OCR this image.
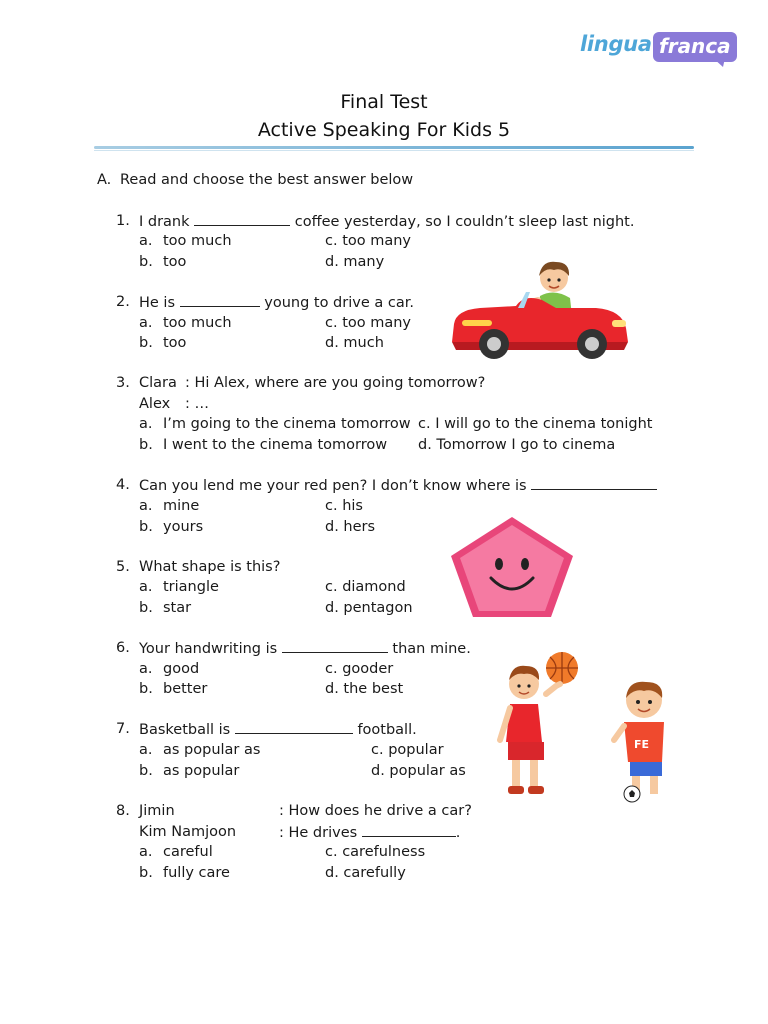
lingua franca
Final Test
Active Speaking For Kids 5
A. Read and choose the best answer below
1. I drank	coffee yesterday, so I couldn’t sleep last night.
a. too much
b. too
c. too many
d. many
2. He is	young to drive a car.
a. too much
b. too
c. too many
d. much
3. Clara : Hi Alex, where are you going tomorrow?
Alex : …
a. I’m going to the cinema tomorrow
b. I went to the cinema tomorrow
c. I will go to the cinema tonight
d. Tomorrow I go to cinema
4. Can you lend me your red pen? I don’t know where is
a. mine
b. yours
c. his
d. hers
5. What shape is this?
a. triangle
b. star
c. diamond
d. pentagon
6. Your handwriting is	than mine.
a. good
b. better
c. gooder
d. the best
FE
7. Basketball is	football.
a. as popular as
b. as popular
c. popular
d. popular as
8. Jimin	: How does he drive a car?
Kim Namjoon	: He drives	.
a. careful
b. fully care
c. carefulness
d. carefully
